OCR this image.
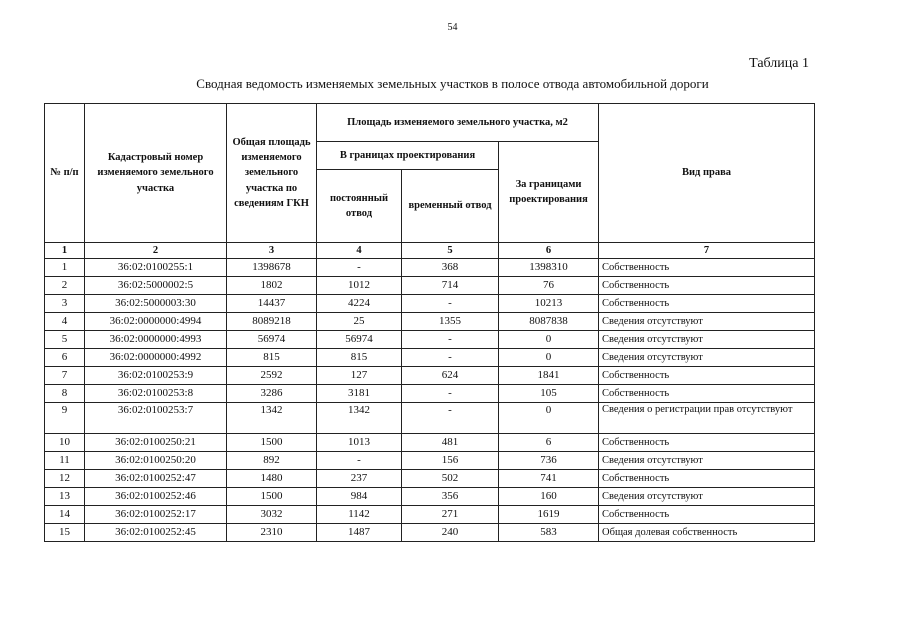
54
Таблица 1
Сводная ведомость изменяемых земельных участков в полосе отвода автомобильной дороги
№ п/п	Кадастровый номер изменяемого земельного участка	Общая площадь изменяемого земельного участка по сведениям ГКН	Площадь изменяемого земельного участка, м2			Вид права
			В границах проектирования		За границами проектирования	
			постоянный отвод	временный отвод		
1	2	3	4	5	6	7
1	36:02:0100255:1	1398678	-	368	1398310	Собственность
2	36:02:5000002:5	1802	1012	714	76	Собственность
3	36:02:5000003:30	14437	4224	-	10213	Собственность
4	36:02:0000000:4994	8089218	25	1355	8087838	Сведения отсутствуют
5	36:02:0000000:4993	56974	56974	-	0	Сведения отсутствуют
6	36:02:0000000:4992	815	815	-	0	Сведения отсутствуют
7	36:02:0100253:9	2592	127	624	1841	Собственность
8	36:02:0100253:8	3286	3181	-	105	Собственность
9	36:02:0100253:7	1342	1342	-	0	Сведения о регистрации прав отсутствуют
10	36:02:0100250:21	1500	1013	481	6	Собственность
11	36:02:0100250:20	892	-	156	736	Сведения отсутствуют
12	36:02:0100252:47	1480	237	502	741	Собственность
13	36:02:0100252:46	1500	984	356	160	Сведения отсутствуют
14	36:02:0100252:17	3032	1142	271	1619	Собственность
15	36:02:0100252:45	2310	1487	240	583	Общая долевая собственность
